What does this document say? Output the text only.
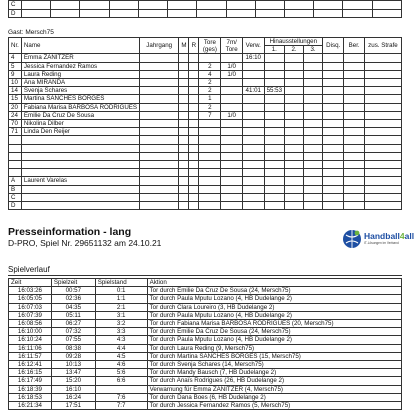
C													
D													
Gast: Mersch75
Nr.	Name	Jahrgang	M	R	Tore (ges)	7m/ Tore	Verw.	Hinausstellungen			Disq.	Ber.	zus. Strafe
								1.	2.	3.			
4	Emma ZANITZER						16:10						
5	Jessica Fernandez Ramos				2	1/0							
9	Laura Reding				4	1/0							
10	Ana MIRANDA				2								
14	Svenja Schares				2		41:01	55:53					
15	Martina SANCHES BORGES				1								
20	Fabiana Marisa BARBOSA RODRIGUES				2								
24	Emilie Da Cruz De Sousa				7	1/0							
70	Nikolina Dilber												
71	Linda Den Reijer												

A	Laurent Varelas												
B													
C													
D													
Presseinformation - lang
D-PRO, Spiel Nr. 29651132 am 24.10.21
Handball4all
IT-Lösungen im Verband
Spielverlauf
Zeit	Spielzeit	Spielstand	Aktion
16:03:26	00:57	0:1	Tor durch Emilie Da Cruz De Sousa (24, Mersch75)
16:05:05	02:36	1:1	Tor durch Paula Mputu Lozano (4, HB Dudelange 2)
16:07:03	04:35	2:1	Tor durch Clara Loureiro (3, HB Dudelange 2)
16:07:39	05:11	3:1	Tor durch Paula Mputu Lozano (4, HB Dudelange 2)
16:08:56	06:27	3:2	Tor durch Fabiana Marisa BARBOSA RODRIGUES (20, Mersch75)
16:10:00	07:32	3:3	Tor durch Emilie Da Cruz De Sousa (24, Mersch75)
16:10:24	07:55	4:3	Tor durch Paula Mputu Lozano (4, HB Dudelange 2)
16:11:06	08:38	4:4	Tor durch Laura Reding (9, Mersch75)
16:11:57	09:28	4:5	Tor durch Martina SANCHES BORGES (15, Mersch75)
16:12:41	10:13	4:6	Tor durch Svenja Schares (14, Mersch75)
16:16:15	13:47	5:6	Tor durch Mandy Bausch (7, HB Dudelange 2)
16:17:49	15:20	6:6	Tor durch Anaïs Rodrigues (26, HB Dudelange 2)
16:18:39	16:10		Verwarnung für Emma ZANITZER (4, Mersch75)
16:18:53	16:24	7:6	Tor durch Dana Boes (6, HB Dudelange 2)
16:21:34	17:51	7:7	Tor durch Jessica Fernandez Ramos (5, Mersch75)
